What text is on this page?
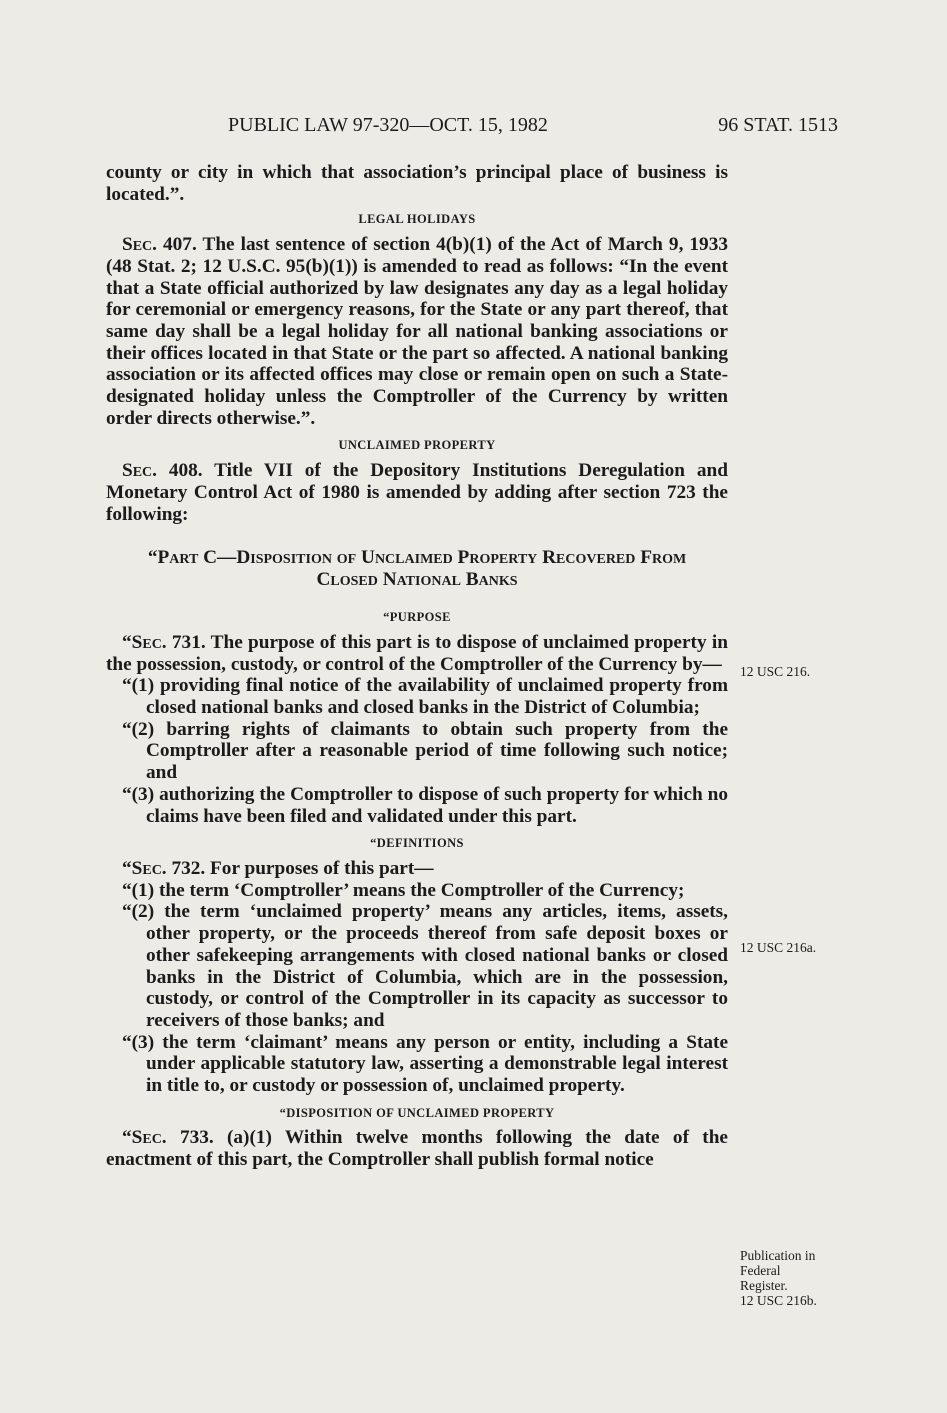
PUBLIC LAW 97-320—OCT. 15, 1982	96 STAT. 1513

county or city in which that association’s principal place of business is located.”.

LEGAL HOLIDAYS

Sec. 407. The last sentence of section 4(b)(1) of the Act of March 9, 1933 (48 Stat. 2; 12 U.S.C. 95(b)(1)) is amended to read as follows: “In the event that a State official authorized by law designates any day as a legal holiday for ceremonial or emergency reasons, for the State or any part thereof, that same day shall be a legal holiday for all national banking associations or their offices located in that State or the part so affected. A national banking association or its affected offices may close or remain open on such a State-designated holiday unless the Comptroller of the Currency by written order directs otherwise.”.

UNCLAIMED PROPERTY

Sec. 408. Title VII of the Depository Institutions Deregulation and Monetary Control Act of 1980 is amended by adding after section 723 the following:

“Part C—Disposition of Unclaimed Property Recovered From
Closed National Banks
“PURPOSE

“Sec. 731. The purpose of this part is to dispose of unclaimed property in the possession, custody, or control of the Comptroller of the Currency by—

“(1) providing final notice of the availability of unclaimed property from closed national banks and closed banks in the District of Columbia;

“(2) barring rights of claimants to obtain such property from the Comptroller after a reasonable period of time following such notice; and

“(3) authorizing the Comptroller to dispose of such property for which no claims have been filed and validated under this part.

“DEFINITIONS

“Sec. 732. For purposes of this part—

“(1) the term ‘Comptroller’ means the Comptroller of the Currency;

“(2) the term ‘unclaimed property’ means any articles, items, assets, other property, or the proceeds thereof from safe deposit boxes or other safekeeping arrangements with closed national banks or closed banks in the District of Columbia, which are in the possession, custody, or control of the Comptroller in its capacity as successor to receivers of those banks; and

“(3) the term ‘claimant’ means any person or entity, including a State under applicable statutory law, asserting a demonstrable legal interest in title to, or custody or possession of, unclaimed property.

“DISPOSITION OF UNCLAIMED PROPERTY

“Sec. 733. (a)(1) Within twelve months following the date of the enactment of this part, the Comptroller shall publish formal notice

12 USC 216.
12 USC 216a.
Publication in
Federal
Register.
12 USC 216b.
